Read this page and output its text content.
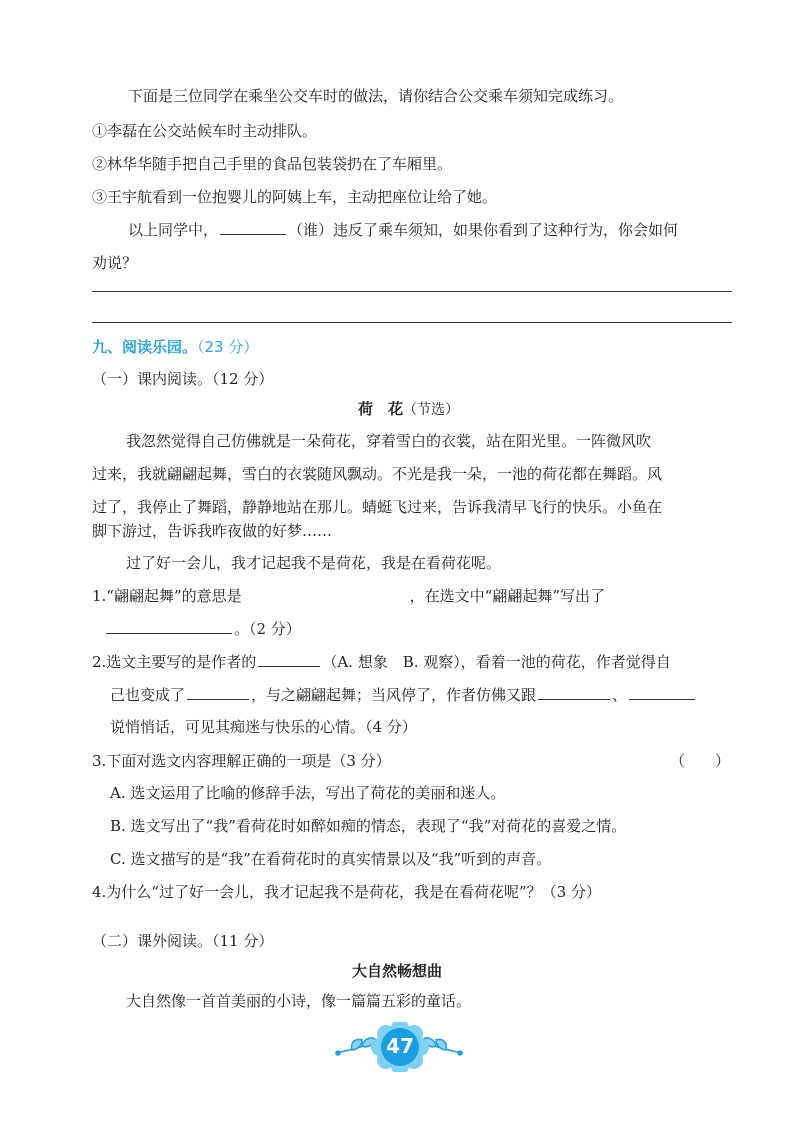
下面是三位同学在乘坐公交车时的做法，请你结合公交乘车须知完成练习。
①李磊在公交站候车时主动排队。
②林华华随手把自己手里的食品包装袋扔在了车厢里。
③王宇航看到一位抱婴儿的阿姨上车，主动把座位让给了她。
以上同学中，	（谁）违反了乘车须知，如果你看到了这种行为，你会如何
劝说？
九、阅读乐园。（23 分）
（一）课内阅读。（12 分）
荷　花（节选）
我忽然觉得自己仿佛就是一朵荷花，穿着雪白的衣裳，站在阳光里。一阵微风吹
过来，我就翩翩起舞，雪白的衣裳随风飘动。不光是我一朵，一池的荷花都在舞蹈。风
过了，我停止了舞蹈，静静地站在那儿。蜻蜓飞过来，告诉我清早飞行的快乐。小鱼在
脚下游过，告诉我昨夜做的好梦……
过了好一会儿，我才记起我不是荷花，我是在看荷花呢。
1.“翩翩起舞”的意思是	，在选文中“翩翩起舞”写出了
。（2 分）
2.选文主要写的是作者的	（A. 想象　B. 观察），看着一池的荷花，作者觉得自
己也变成了	，与之翩翩起舞；当风停了，作者仿佛又跟	、
说悄悄话，可见其痴迷与快乐的心情。（4 分）
3.下面对选文内容理解正确的一项是（3 分）	（　　）
A. 选文运用了比喻的修辞手法，写出了荷花的美丽和迷人。
B. 选文写出了“我”看荷花时如醉如痴的情态，表现了“我”对荷花的喜爱之情。
C. 选文描写的是“我”在看荷花时的真实情景以及“我”听到的声音。
4.为什么“过了好一会儿，我才记起我不是荷花，我是在看荷花呢”？（3 分）
（二）课外阅读。（11 分）
大自然畅想曲
大自然像一首首美丽的小诗，像一篇篇五彩的童话。
47
